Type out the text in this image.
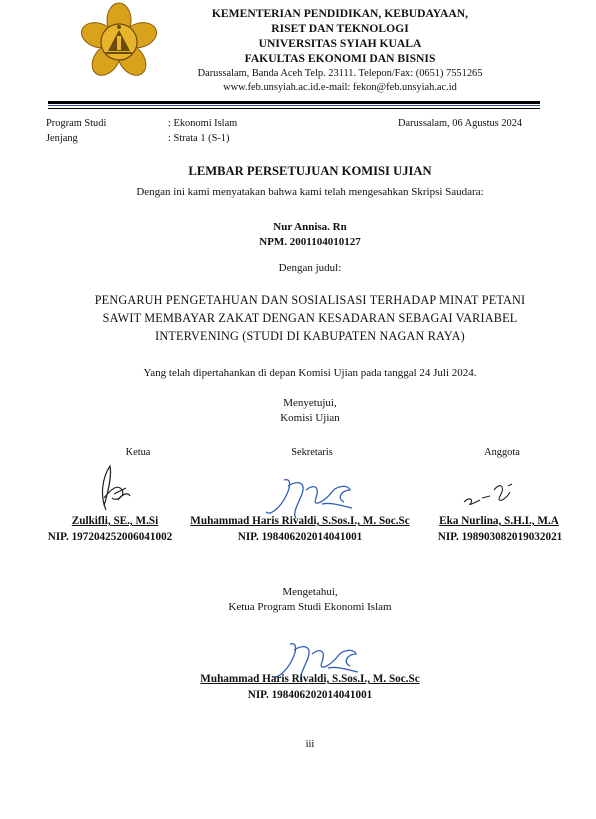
KEMENTERIAN PENDIDIKAN, KEBUDAYAAN,
RISET DAN TEKNOLOGI
UNIVERSITAS SYIAH KUALA
FAKULTAS EKONOMI DAN BISNIS
Darussalam, Banda Aceh Telp. 23111. Telepon/Fax: (0651) 7551265
www.feb.unsyiah.ac.id.e-mail: fekon@feb.unsyiah.ac.id
Program Studi	: Ekonomi Islam	Darussalam, 06 Agustus 2024
Jenjang	: Strata 1 (S-1)
LEMBAR PERSETUJUAN KOMISI UJIAN
Dengan ini kami menyatakan bahwa kami telah mengesahkan Skripsi Saudara:
Nur Annisa. Rn
NPM. 2001104010127
Dengan judul:
PENGARUH PENGETAHUAN DAN SOSIALISASI TERHADAP MINAT PETANI
SAWIT MEMBAYAR ZAKAT DENGAN KESADARAN SEBAGAI VARIABEL
INTERVENING (STUDI DI KABUPATEN NAGAN RAYA)
Yang telah dipertahankan di depan Komisi Ujian pada tanggal 24 Juli 2024.
Menyetujui,
Komisi Ujian
Ketua	Sekretaris	Anggota
Zulkifli, SE., M.Si
NIP. 197204252006041002
Muhammad Haris Rivaldi, S.Sos.I., M. Soc.Sc
NIP. 198406202014041001
Eka Nurlina, S.H.I., M.A
NIP. 198903082019032021
Mengetahui,
Ketua Program Studi Ekonomi Islam
Muhammad Haris Rivaldi, S.Sos.I., M. Soc.Sc
NIP. 198406202014041001
iii
